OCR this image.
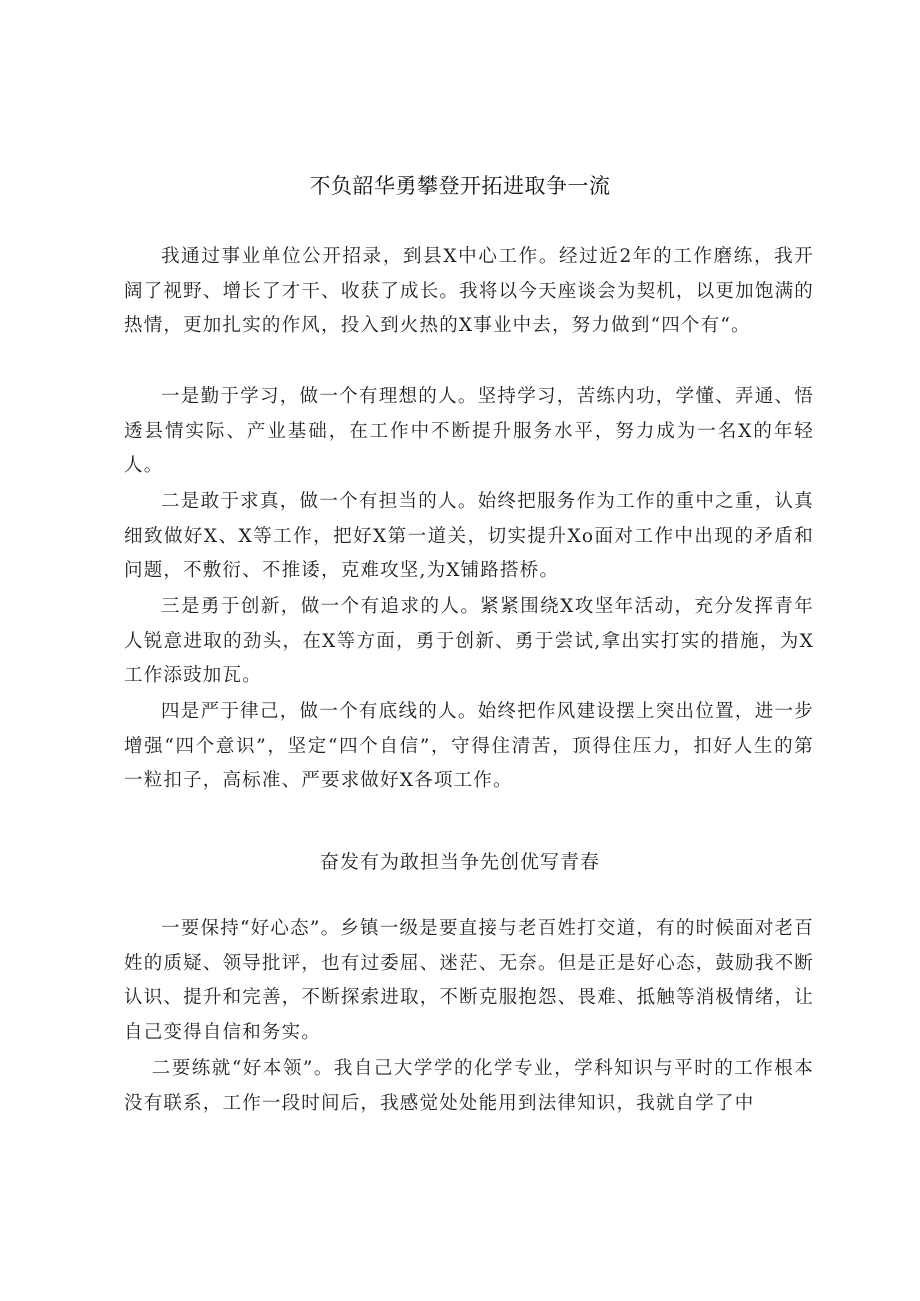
不负韶华勇攀登开拓进取争一流

我通过事业单位公开招录，到县X中心工作。经过近2年的工作磨练，我开阔了视野、增长了才干、收获了成长。我将以今天座谈会为契机，以更加饱满的热情，更加扎实的作风，投入到火热的X事业中去，努力做到“四个有“。

一是勤于学习，做一个有理想的人。坚持学习，苦练内功，学懂、弄通、悟透县情实际、产业基础，在工作中不断提升服务水平，努力成为一名X的年轻人。

二是敢于求真，做一个有担当的人。始终把服务作为工作的重中之重，认真细致做好X、X等工作，把好X第一道关，切实提升Xo面对工作中出现的矛盾和问题，不敷衍、不推诿，克难攻坚,为X铺路搭桥。

三是勇于创新，做一个有追求的人。紧紧围绕X攻坚年活动，充分发挥青年人锐意进取的劲头，在X等方面，勇于创新、勇于尝试,拿出实打实的措施，为X工作添豉加瓦。

四是严于律己，做一个有底线的人。始终把作风建设摆上突出位置，进一步增强“四个意识”，坚定“四个自信”，守得住清苦，顶得住压力，扣好人生的第一粒扣子，高标准、严要求做好X各项工作。

奋发有为敢担当争先创优写青春

一要保持“好心态”。乡镇一级是要直接与老百姓打交道，有的时候面对老百姓的质疑、领导批评，也有过委屈、迷茫、无奈。但是正是好心态，鼓励我不断认识、提升和完善，不断探索进取，不断克服抱怨、畏难、抵触等消极情绪，让自己变得自信和务实。

二要练就“好本领”。我自己大学学的化学专业，学科知识与平时的工作根本没有联系，工作一段时间后，我感觉处处能用到法律知识，我就自学了中
